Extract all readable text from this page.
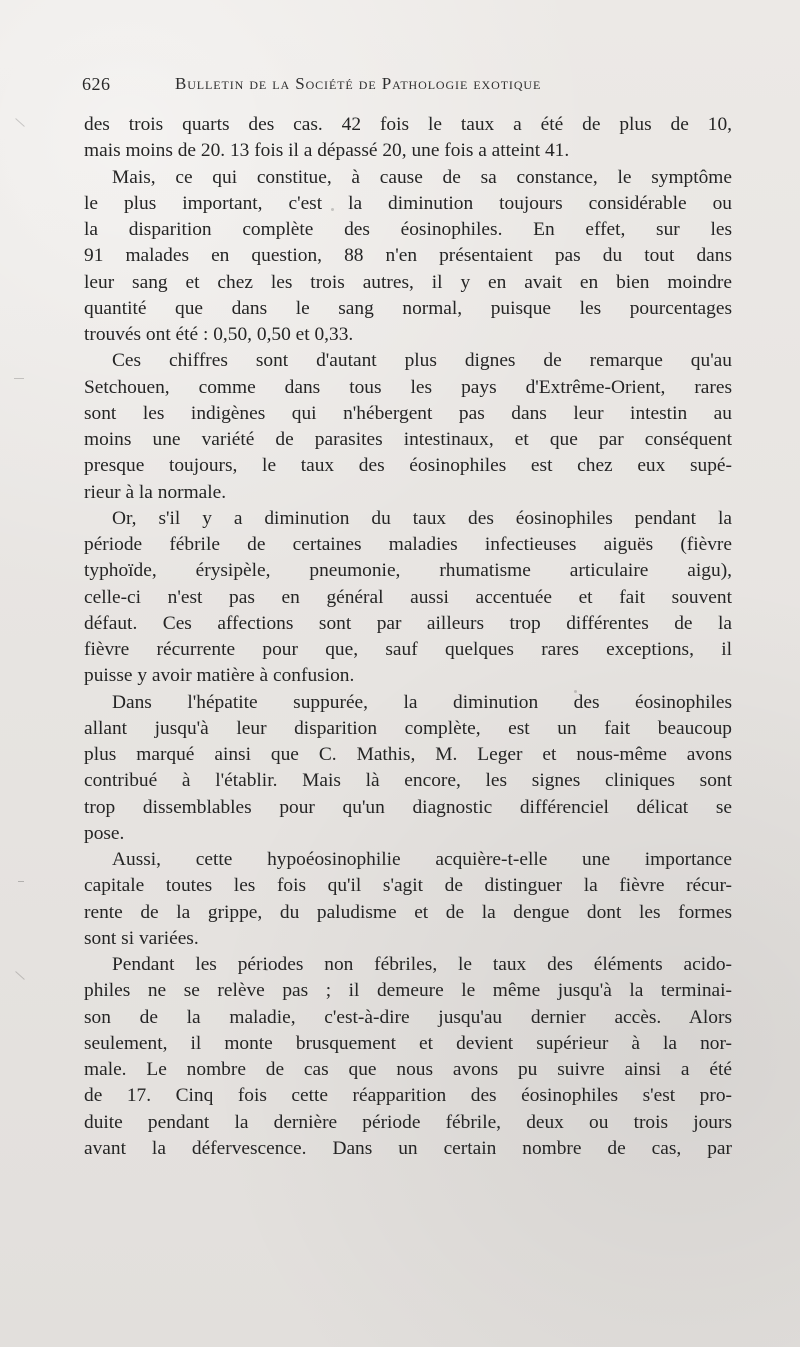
626	Bulletin de la Société de Pathologie exotique
des trois quarts des cas. 42 fois le taux a été de plus de 10,
mais moins de 20. 13 fois il a dépassé 20, une fois a atteint 41.
Mais, ce qui constitue, à cause de sa constance, le symptôme
le plus important, c'est la diminution toujours considérable ou
la disparition complète des éosinophiles. En effet, sur les
91 malades en question, 88 n'en présentaient pas du tout dans
leur sang et chez les trois autres, il y en avait en bien moindre
quantité que dans le sang normal, puisque les pourcentages
trouvés ont été : 0,50, 0,50 et 0,33.
Ces chiffres sont d'autant plus dignes de remarque qu'au
Setchouen, comme dans tous les pays d'Extrême-Orient, rares
sont les indigènes qui n'hébergent pas dans leur intestin au
moins une variété de parasites intestinaux, et que par conséquent
presque toujours, le taux des éosinophiles est chez eux supé-
rieur à la normale.
Or, s'il y a diminution du taux des éosinophiles pendant la
période fébrile de certaines maladies infectieuses aiguës (fièvre
typhoïde, érysipèle, pneumonie, rhumatisme articulaire aigu),
celle-ci n'est pas en général aussi accentuée et fait souvent
défaut. Ces affections sont par ailleurs trop différentes de la
fièvre récurrente pour que, sauf quelques rares exceptions, il
puisse y avoir matière à confusion.
Dans l'hépatite suppurée, la diminution des éosinophiles
allant jusqu'à leur disparition complète, est un fait beaucoup
plus marqué ainsi que C. Mathis, M. Leger et nous-même avons
contribué à l'établir. Mais là encore, les signes cliniques sont
trop dissemblables pour qu'un diagnostic différenciel délicat se
pose.
Aussi, cette hypoéosinophilie acquière-t-elle une importance
capitale toutes les fois qu'il s'agit de distinguer la fièvre récur-
rente de la grippe, du paludisme et de la dengue dont les formes
sont si variées.
Pendant les périodes non fébriles, le taux des éléments acido-
philes ne se relève pas ; il demeure le même jusqu'à la terminai-
son de la maladie, c'est-à-dire jusqu'au dernier accès. Alors
seulement, il monte brusquement et devient supérieur à la nor-
male. Le nombre de cas que nous avons pu suivre ainsi a été
de 17. Cinq fois cette réapparition des éosinophiles s'est pro-
duite pendant la dernière période fébrile, deux ou trois jours
avant la défervescence. Dans un certain nombre de cas, par
